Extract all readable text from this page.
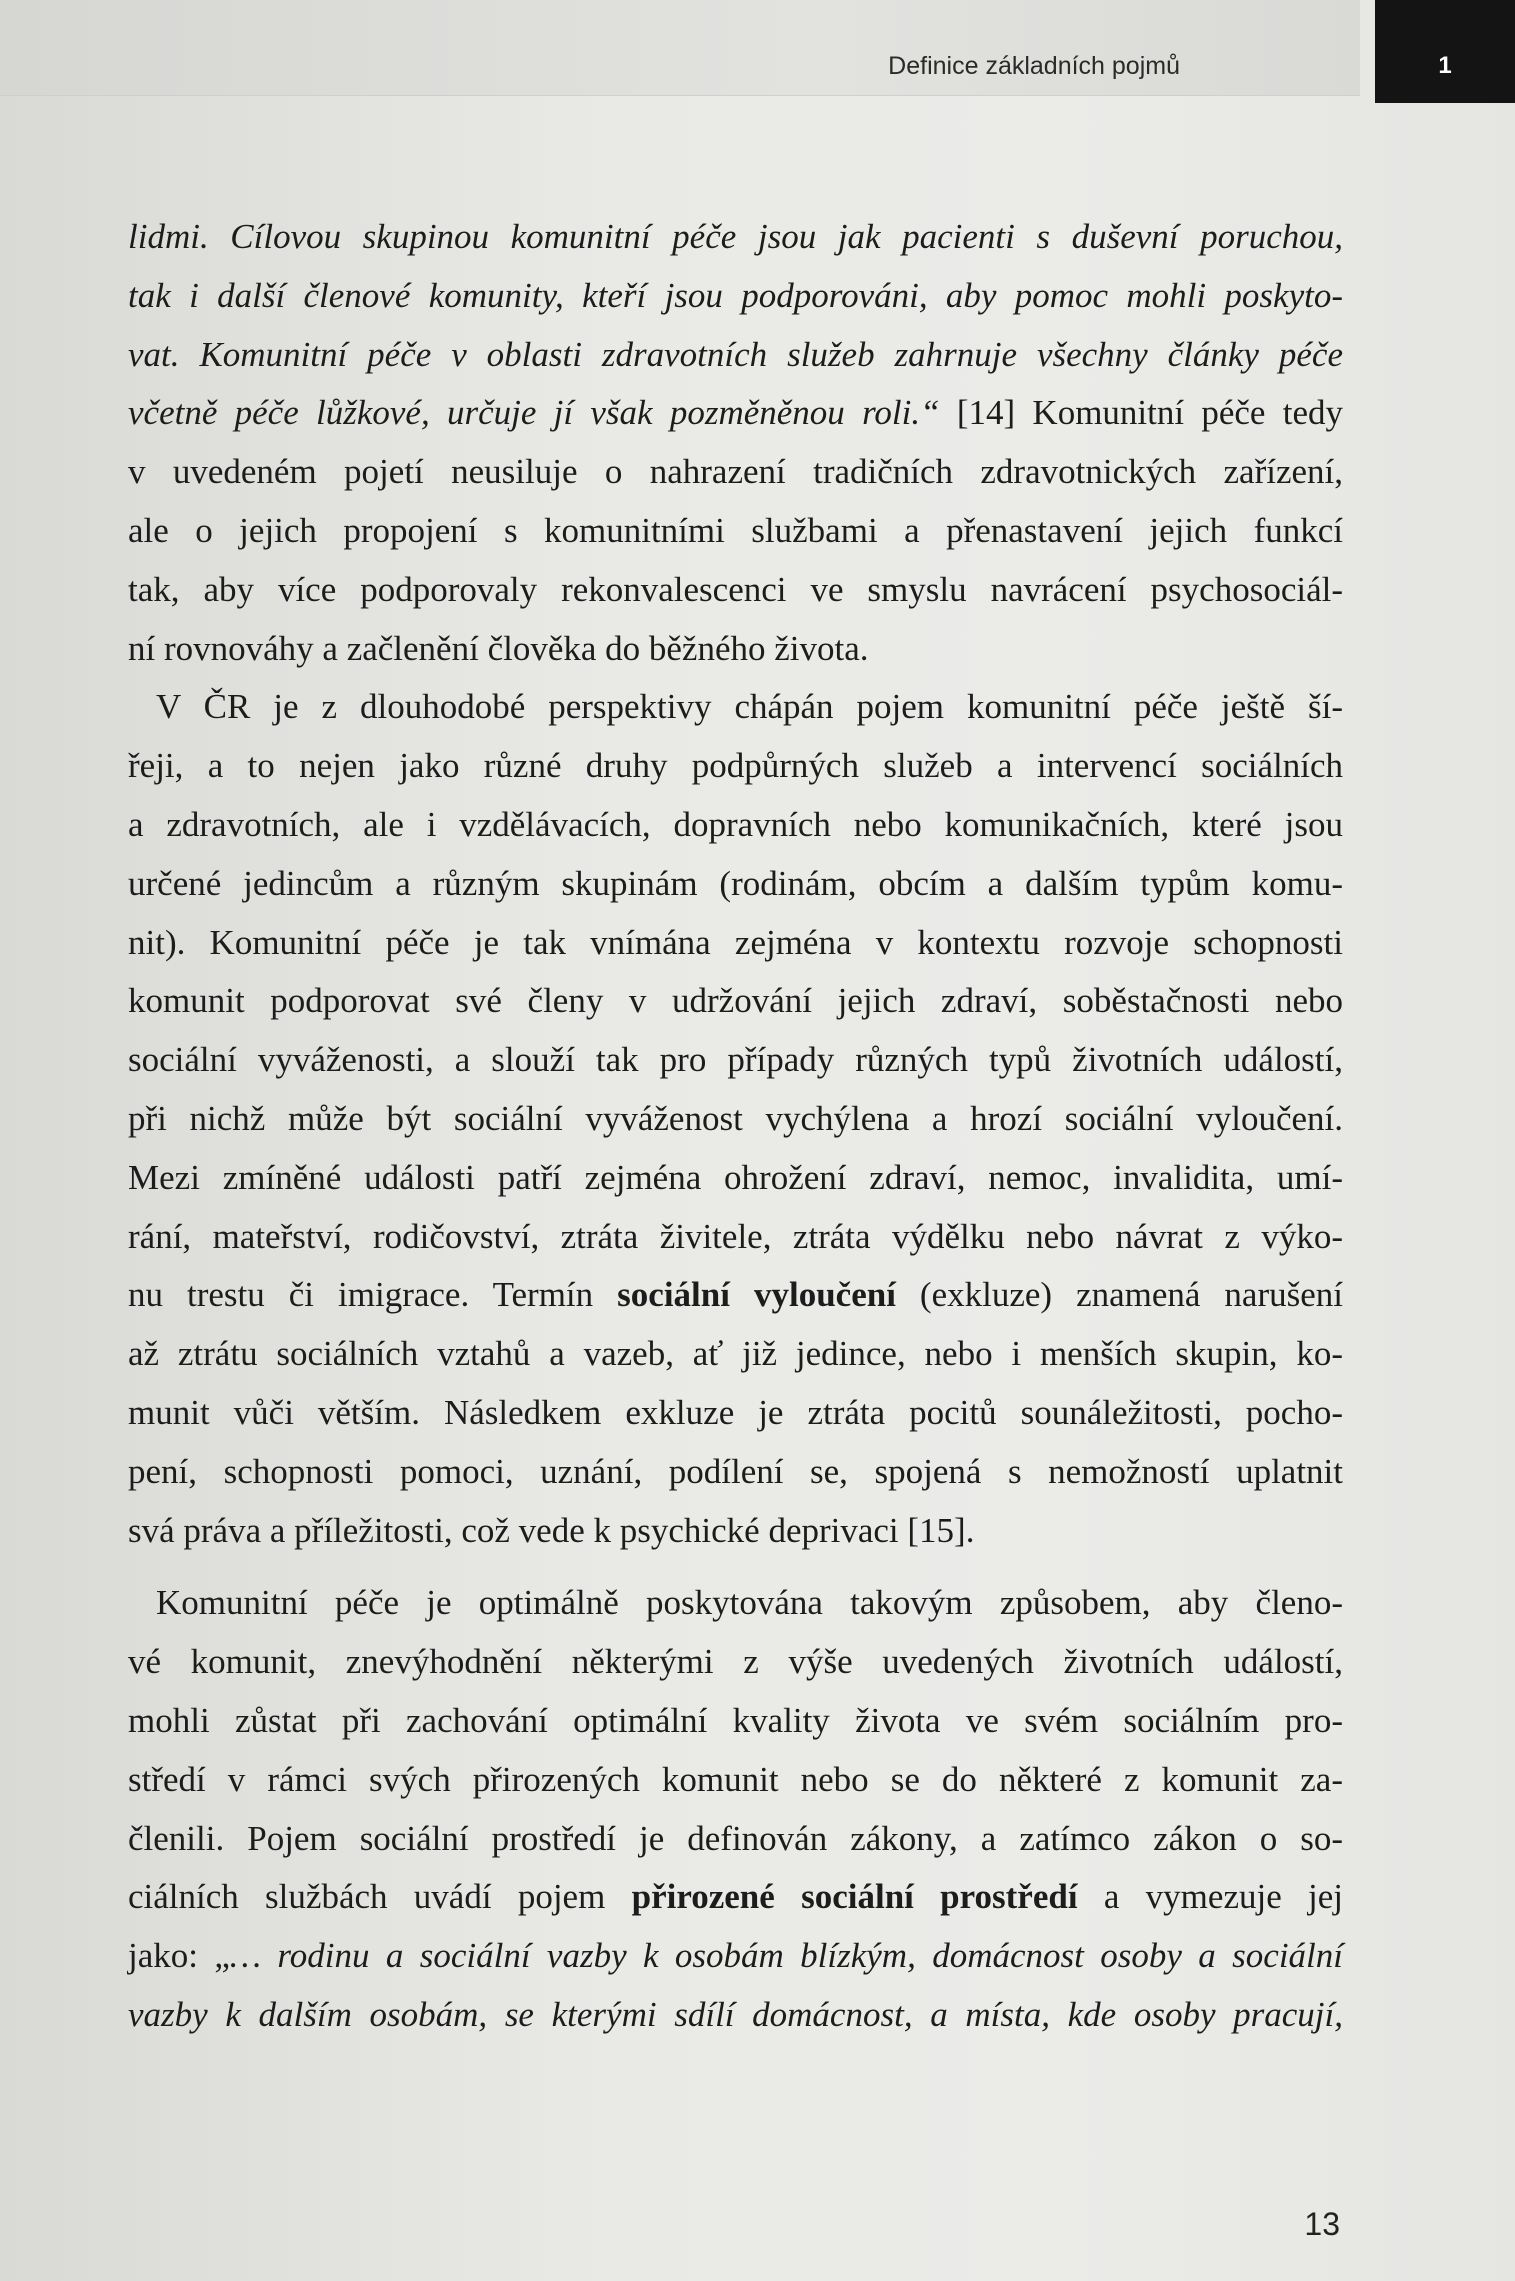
Definice základních pojmů	1
lidmi. Cílovou skupinou komunitní péče jsou jak pacienti s duševní poruchou,
tak i další členové komunity, kteří jsou podporováni, aby pomoc mohli poskyto-
vat. Komunitní péče v oblasti zdravotních služeb zahrnuje všechny články péče
včetně péče lůžkové, určuje jí však pozměněnou roli.“ [14] Komunitní péče tedy
v uvedeném pojetí neusiluje o nahrazení tradičních zdravotnických zařízení,
ale o jejich propojení s komunitními službami a přenastavení jejich funkcí
tak, aby více podporovaly rekonvalescenci ve smyslu navrácení psychosociál-
ní rovnováhy a začlenění člověka do běžného života.
V ČR je z dlouhodobé perspektivy chápán pojem komunitní péče ještě ší-
řeji, a to nejen jako různé druhy podpůrných služeb a intervencí sociálních
a zdravotních, ale i vzdělávacích, dopravních nebo komunikačních, které jsou
určené jedincům a různým skupinám (rodinám, obcím a dalším typům komu-
nit). Komunitní péče je tak vnímána zejména v kontextu rozvoje schopnosti
komunit podporovat své členy v udržování jejich zdraví, soběstačnosti nebo
sociální vyváženosti, a slouží tak pro případy různých typů životních událostí,
při nichž může být sociální vyváženost vychýlena a hrozí sociální vyloučení.
Mezi zmíněné události patří zejména ohrožení zdraví, nemoc, invalidita, umí-
rání, mateřství, rodičovství, ztráta živitele, ztráta výdělku nebo návrat z výko-
nu trestu či imigrace. Termín sociální vyloučení (exkluze) znamená narušení
až ztrátu sociálních vztahů a vazeb, ať již jedince, nebo i menších skupin, ko-
munit vůči větším. Následkem exkluze je ztráta pocitů sounáležitosti, pocho-
pení, schopnosti pomoci, uznání, podílení se, spojená s nemožností uplatnit
svá práva a příležitosti, což vede k psychické deprivaci [15].
Komunitní péče je optimálně poskytována takovým způsobem, aby členo-
vé komunit, znevýhodnění některými z výše uvedených životních událostí,
mohli zůstat při zachování optimální kvality života ve svém sociálním pro-
středí v rámci svých přirozených komunit nebo se do některé z komunit za-
členili. Pojem sociální prostředí je definován zákony, a zatímco zákon o so-
ciálních službách uvádí pojem přirozené sociální prostředí a vymezuje jej
jako: „… rodinu a sociální vazby k osobám blízkým, domácnost osoby a sociální
vazby k dalším osobám, se kterými sdílí domácnost, a místa, kde osoby pracují,
13
